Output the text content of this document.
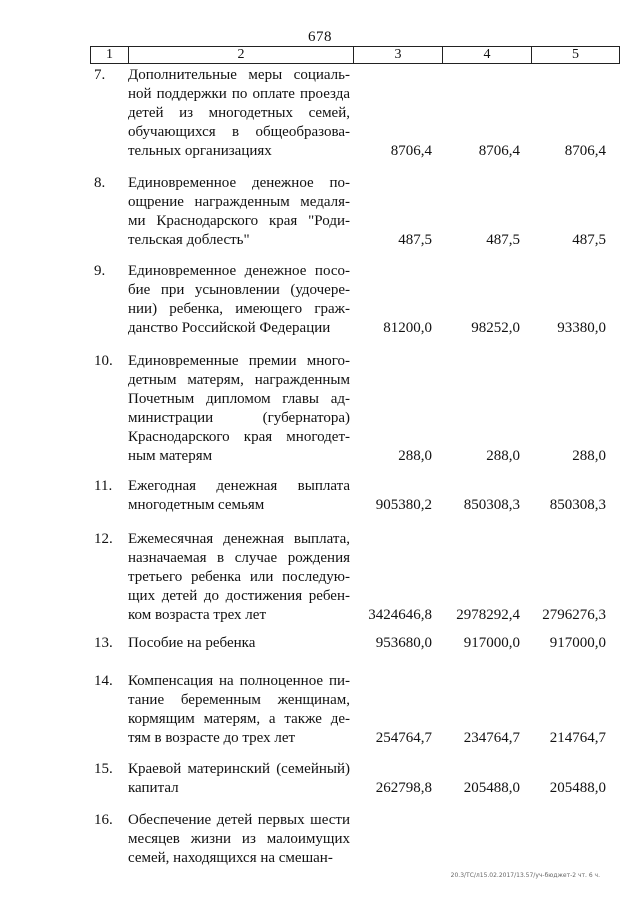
678
1	2	3	4	5
7.	Дополнительные меры социаль-
ной поддержки по оплате проезда
детей из многодетных семей,
обучающихся в общеобразова-
тельных организациях	8706,4	8706,4	8706,4
8.	Единовременное денежное по-
ощрение награжденным медаля-
ми Краснодарского края "Роди-
тельская доблесть"	487,5	487,5	487,5
9.	Единовременное денежное посо-
бие при усыновлении (удочере-
нии) ребенка, имеющего граж-
данство Российской Федерации	81200,0	98252,0	93380,0
10.	Единовременные премии много-
детным матерям, награжденным
Почетным дипломом главы ад-
министрации (губернатора)
Краснодарского края многодет-
ным матерям	288,0	288,0	288,0
11.	Ежегодная денежная выплата
многодетным семьям	905380,2	850308,3	850308,3
12.	Ежемесячная денежная выплата,
назначаемая в случае рождения
третьего ребенка или последую-
щих детей до достижения ребен-
ком возраста трех лет	3424646,8	2978292,4	2796276,3
13.	Пособие на ребенка	953680,0	917000,0	917000,0
14.	Компенсация на полноценное пи-
тание беременным женщинам,
кормящим матерям, а также де-
тям в возрасте до трех лет	254764,7	234764,7	214764,7
15.	Краевой материнский (семейный)
капитал	262798,8	205488,0	205488,0
16.	Обеспечение детей первых шести
месяцев жизни из малоимущих
семей, находящихся на смешан-
20.3/ТС/л15.02.2017/13.57/уч-бюджет-2 чт. 6 ч.
